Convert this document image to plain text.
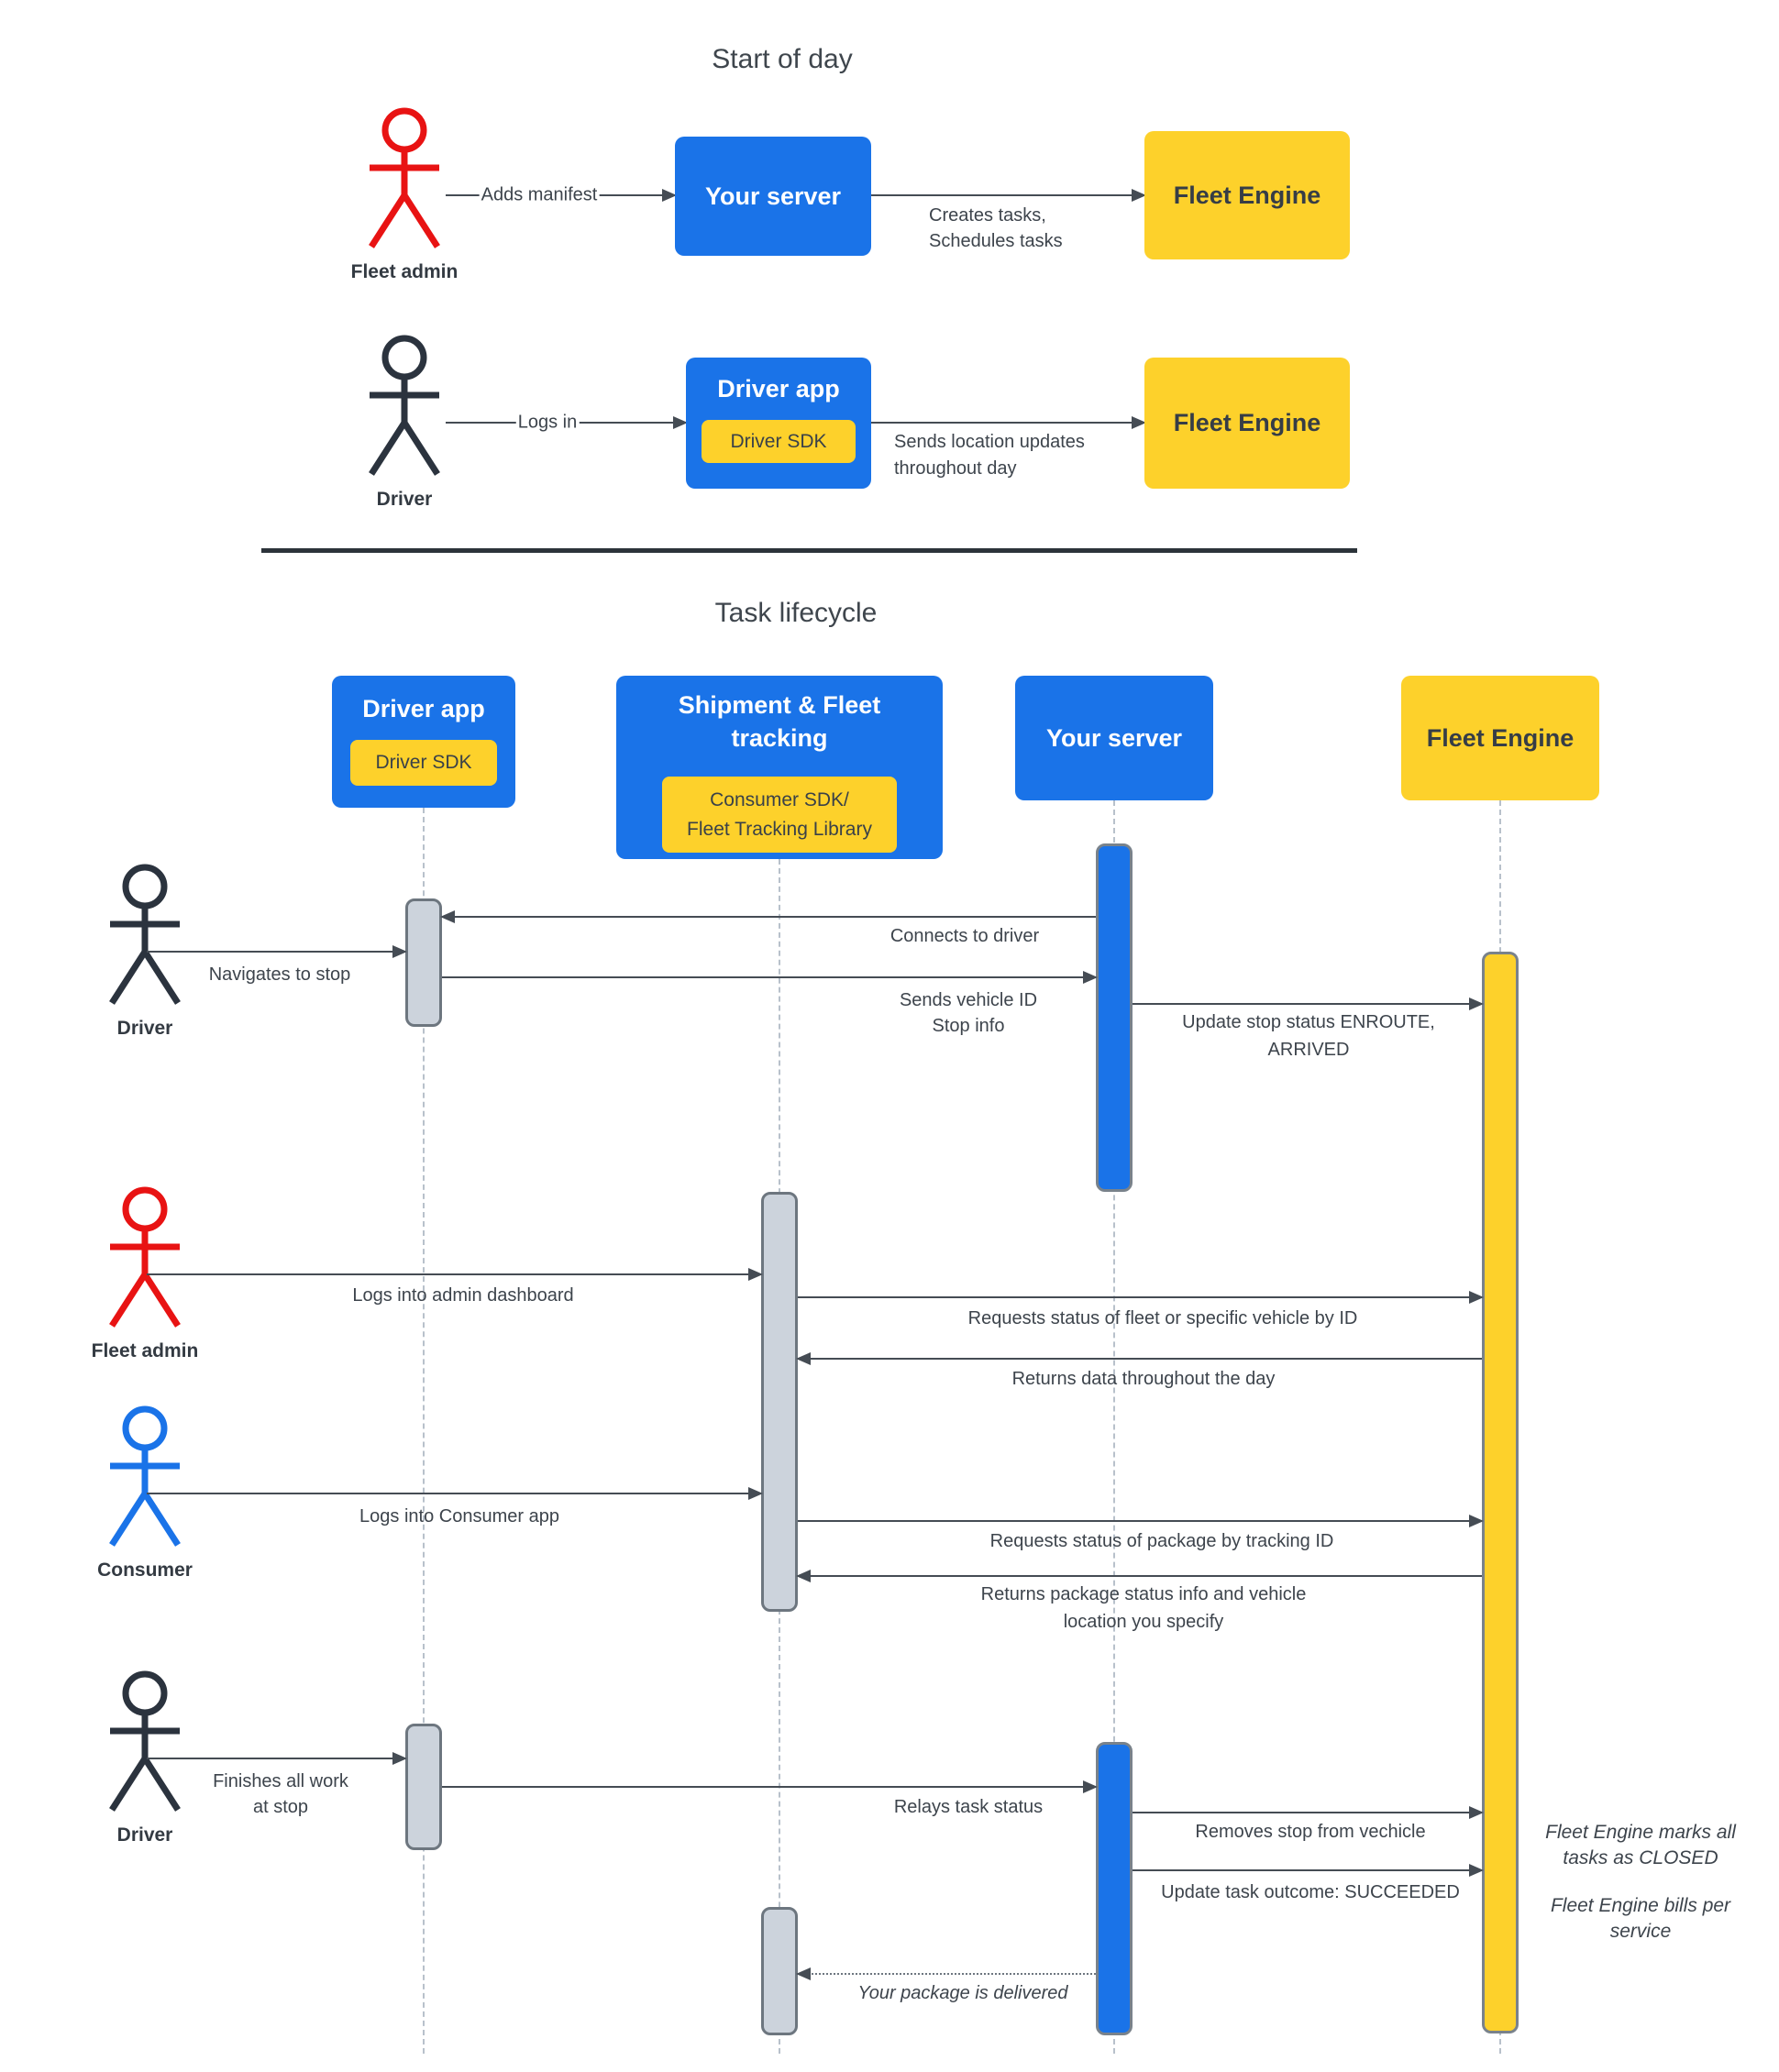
Start of day
Fleet admin
Adds manifest	Your server
Creates tasks,
Schedules tasks
Fleet Engine
Driver
Logs in
Driver app
Driver SDK	Sends location updates
throughout day
Fleet Engine
Task lifecycle
Driver app
Driver SDK
Shipment & Fleet
tracking
Consumer SDK/
Fleet Tracking Library
Your server	Fleet Engine
Driver
Fleet admin
Consumer
Driver
Connects to driver
Navigates to stop
Sends vehicle ID
Stop info	Update stop status ENROUTE,
ARRIVED
Logs into admin dashboard
Requests status of fleet or specific vehicle by ID
Returns data throughout the day
Logs into Consumer app
Requests status of package by tracking ID
Returns package status info and vehicle
location you specify
Finishes all work
at stop	Relays task status
Removes stop from vechicle
Update task outcome: SUCCEEDED
Your package is delivered
Fleet Engine marks all
tasks as CLOSED
Fleet Engine bills per
service
